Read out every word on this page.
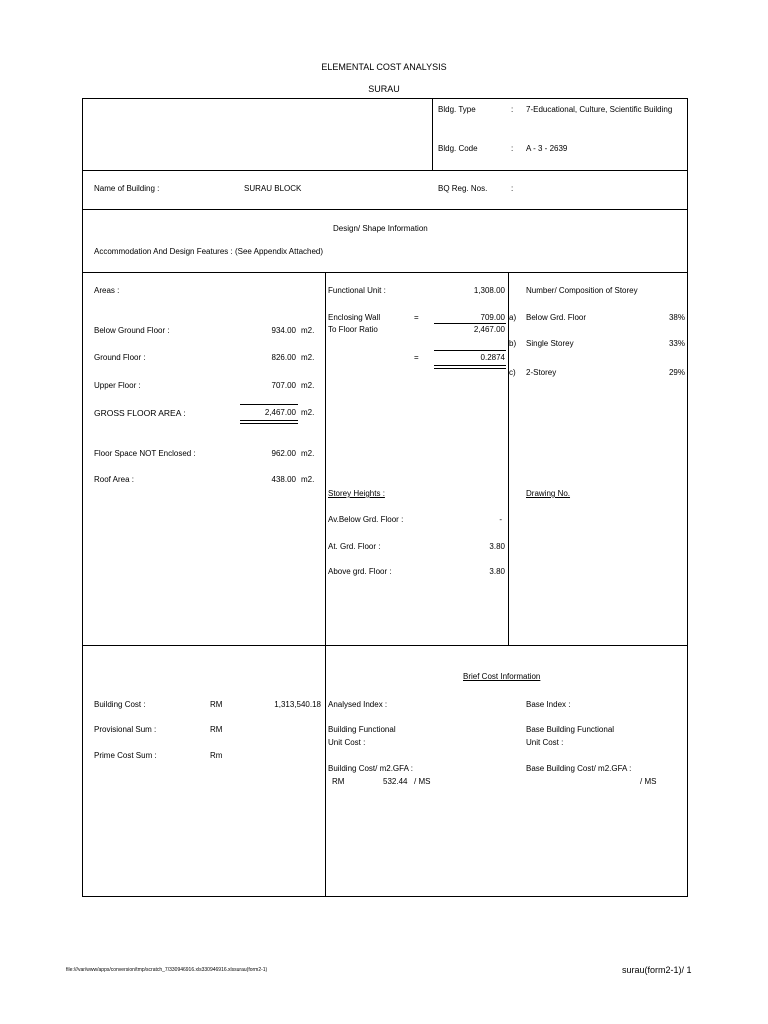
ELEMENTAL COST ANALYSIS
SURAU
Bldg. Type	: 7-Educational, Culture, Scientific Building
Bldg. Code	: A - 3 - 2639
Name of Building :	SURAU BLOCK	BQ Reg. Nos.	:
Design/ Shape Information
Accommodation And Design Features : (See Appendix Attached)
Areas :
Below Ground Floor :	934.00 m2.
Ground Floor :	826.00 m2.
Upper Floor :	707.00 m2.
GROSS FLOOR AREA :	2,467.00 m2.
Floor Space NOT Enclosed :	962.00 m2.
Roof Area :	438.00 m2.
Functional Unit :	1,308.00
Enclosing Wall	=	709.00
To Floor Ratio	2,467.00
=	0.2874
Storey Heights :
Av.Below Grd. Floor :	-
At. Grd. Floor :	3.80
Above grd. Floor :	3.80
Number/ Composition of Storey
a) Below Grd. Floor	38%
b) Single Storey	33%
c) 2-Storey	29%
Drawing No.
Building Cost :	RM	1,313,540.18
Provisional Sum :	RM
Prime Cost Sum :	Rm
Brief Cost Information
Analysed Index :	Base Index :
Building Functional
Unit Cost :
Base Building Functional
Unit Cost :
Building Cost/ m2.GFA :
RM	532.44 / MS
Base Building Cost/ m2.GFA :
/ MS
file:///var/www/apps/conversion/tmp/scratch_7/330946916.xls330946916.xlssurau(form2-1)	surau(form2-1)/ 1
